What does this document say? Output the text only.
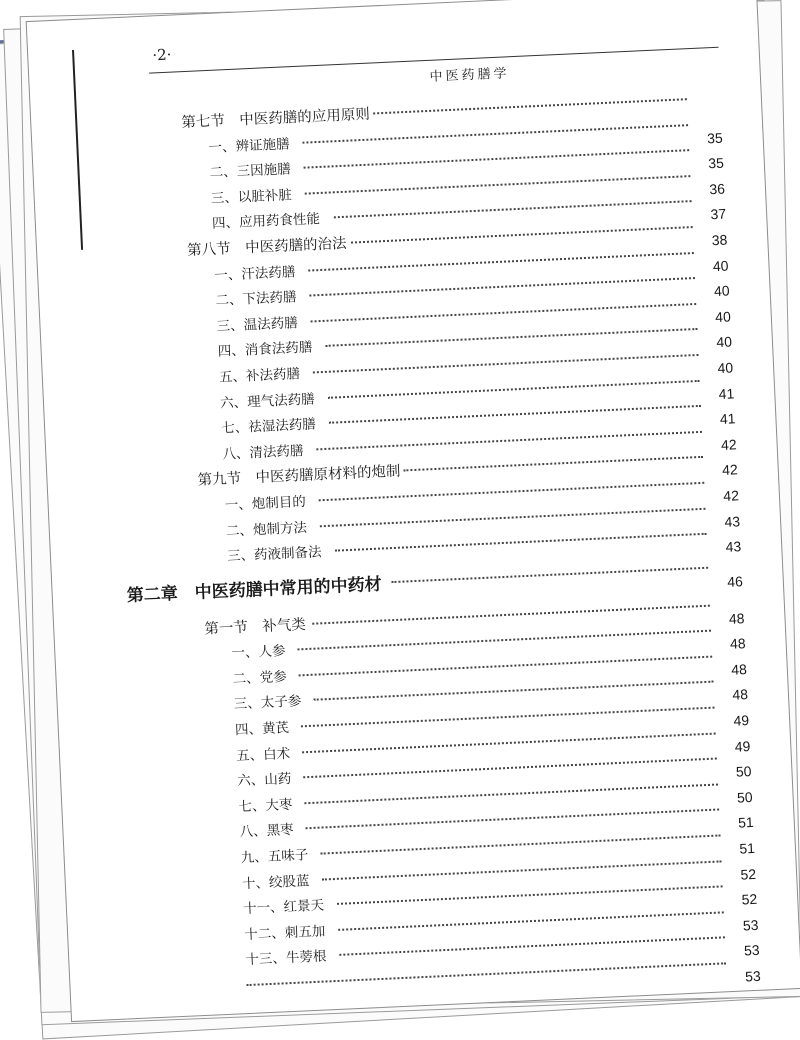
·2·
中医药膳学
第七节　中医药膳的应用原则
一、辨证施膳	35
二、三因施膳	35
三、以脏补脏	36
四、应用药食性能	37
第八节　中医药膳的治法	38
一、汗法药膳	40
二、下法药膳	40
三、温法药膳	40
四、消食法药膳	40
五、补法药膳	40
六、理气法药膳	41
七、祛湿法药膳	41
八、清法药膳	42
第九节　中医药膳原材料的炮制	42
一、炮制目的	42
二、炮制方法	43
三、药液制备法	43
第二章　中医药膳中常用的中药材	46
第一节　补气类	48
一、人参	48
二、党参	48
三、太子参	48
四、黄芪	49
五、白术	49
六、山药	50
七、大枣	50
八、黑枣	51
九、五味子	51
十、绞股蓝	52
十一、红景天	52
十二、刺五加	53
十三、牛蒡根	53
53
